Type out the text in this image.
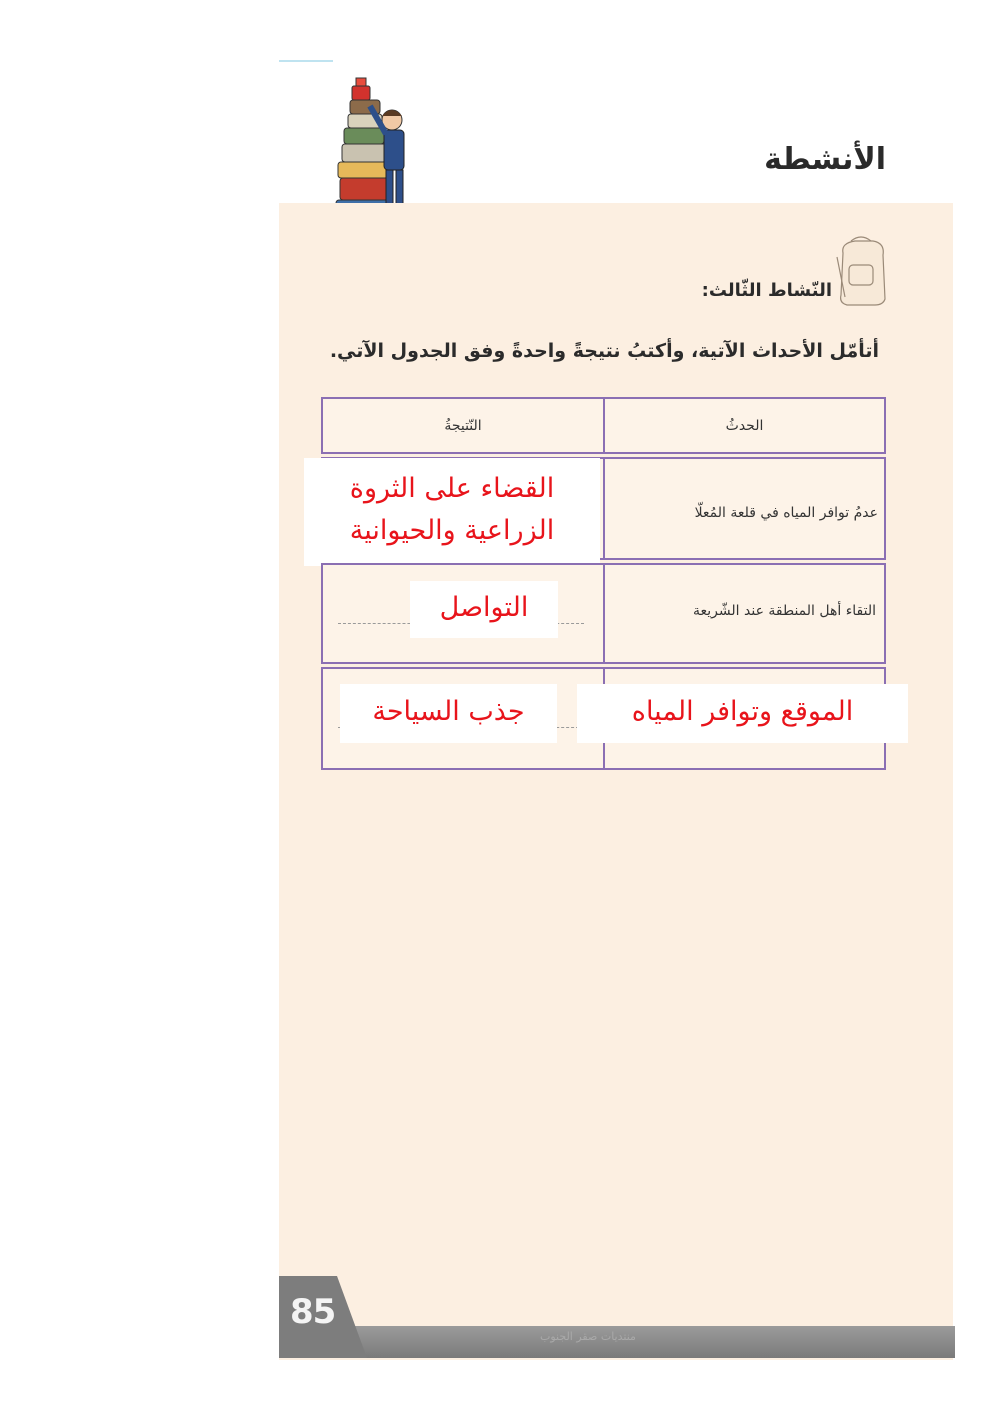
الأنشطة
النّشاط الثّالث:
أتأمّل الأحداث الآتية، وأكتبُ نتيجةً واحدةً وفق الجدول الآتي.
النّتيجةُ	الحدثُ
عدمُ توافر المياه في قلعة المُعلّا
القضاء على الثروة
الزراعية والحيوانية
التقاء أهل المنطقة عند الشّريعة
التواصل
جذب السياحة	الموقع وتوافر المياه
85
منتديات صقر الجنوب
